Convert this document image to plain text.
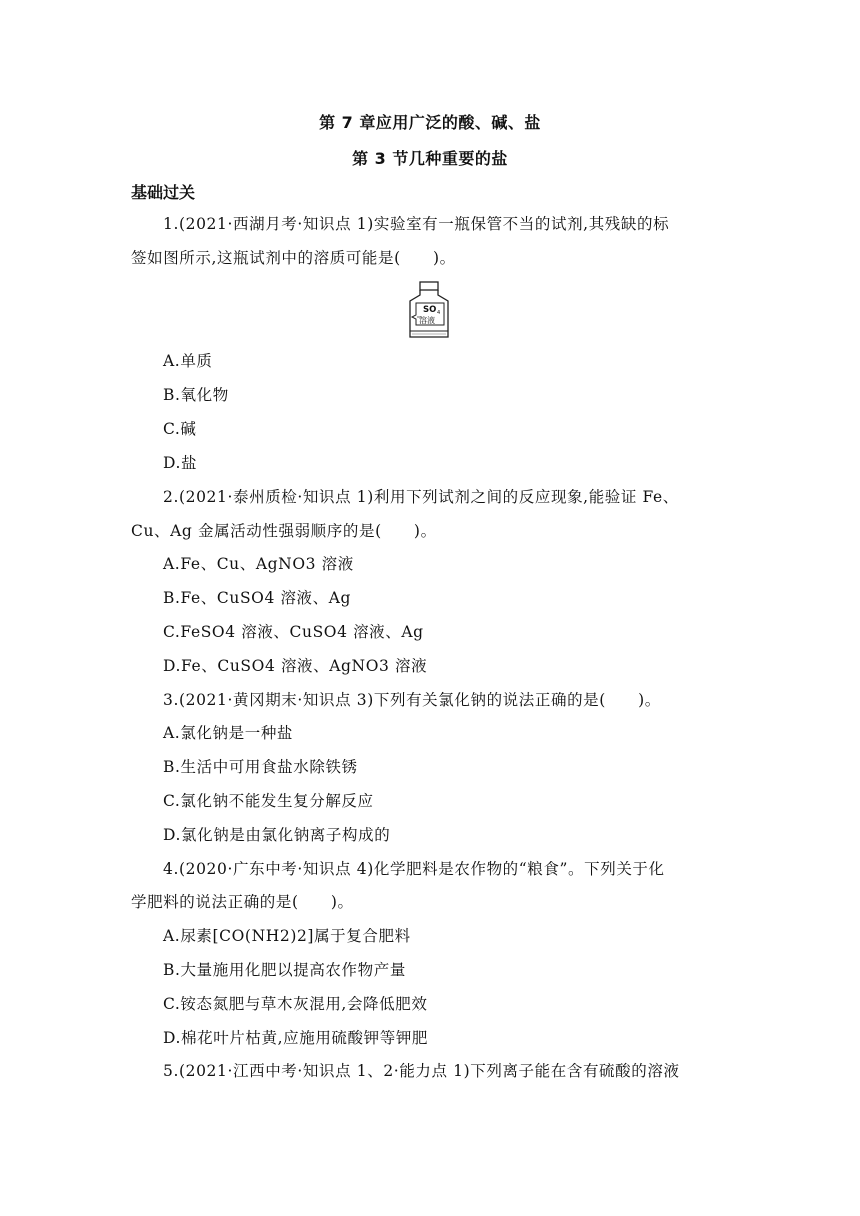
第 7 章应用广泛的酸、碱、盐
第 3 节几种重要的盐
基础过关
1.(2021·西湖月考·知识点 1)实验室有一瓶保管不当的试剂,其残缺的标
签如图所示,这瓶试剂中的溶质可能是(　　)。
SO 4
溶液
A.单质
B.氧化物
C.碱
D.盐
2.(2021·泰州质检·知识点 1)利用下列试剂之间的反应现象,能验证 Fe、
Cu、Ag 金属活动性强弱顺序的是(　　)。
A.Fe、Cu、AgNO3 溶液
B.Fe、CuSO4 溶液、Ag
C.FeSO4 溶液、CuSO4 溶液、Ag
D.Fe、CuSO4 溶液、AgNO3 溶液
3.(2021·黄冈期末·知识点 3)下列有关氯化钠的说法正确的是(　　)。
A.氯化钠是一种盐
B.生活中可用食盐水除铁锈
C.氯化钠不能发生复分解反应
D.氯化钠是由氯化钠离子构成的
4.(2020·广东中考·知识点 4)化学肥料是农作物的“粮食”。下列关于化
学肥料的说法正确的是(　　)。
A.尿素[CO(NH2)2]属于复合肥料
B.大量施用化肥以提高农作物产量
C.铵态氮肥与草木灰混用,会降低肥效
D.棉花叶片枯黄,应施用硫酸钾等钾肥
5.(2021·江西中考·知识点 1、2·能力点 1)下列离子能在含有硫酸的溶液
